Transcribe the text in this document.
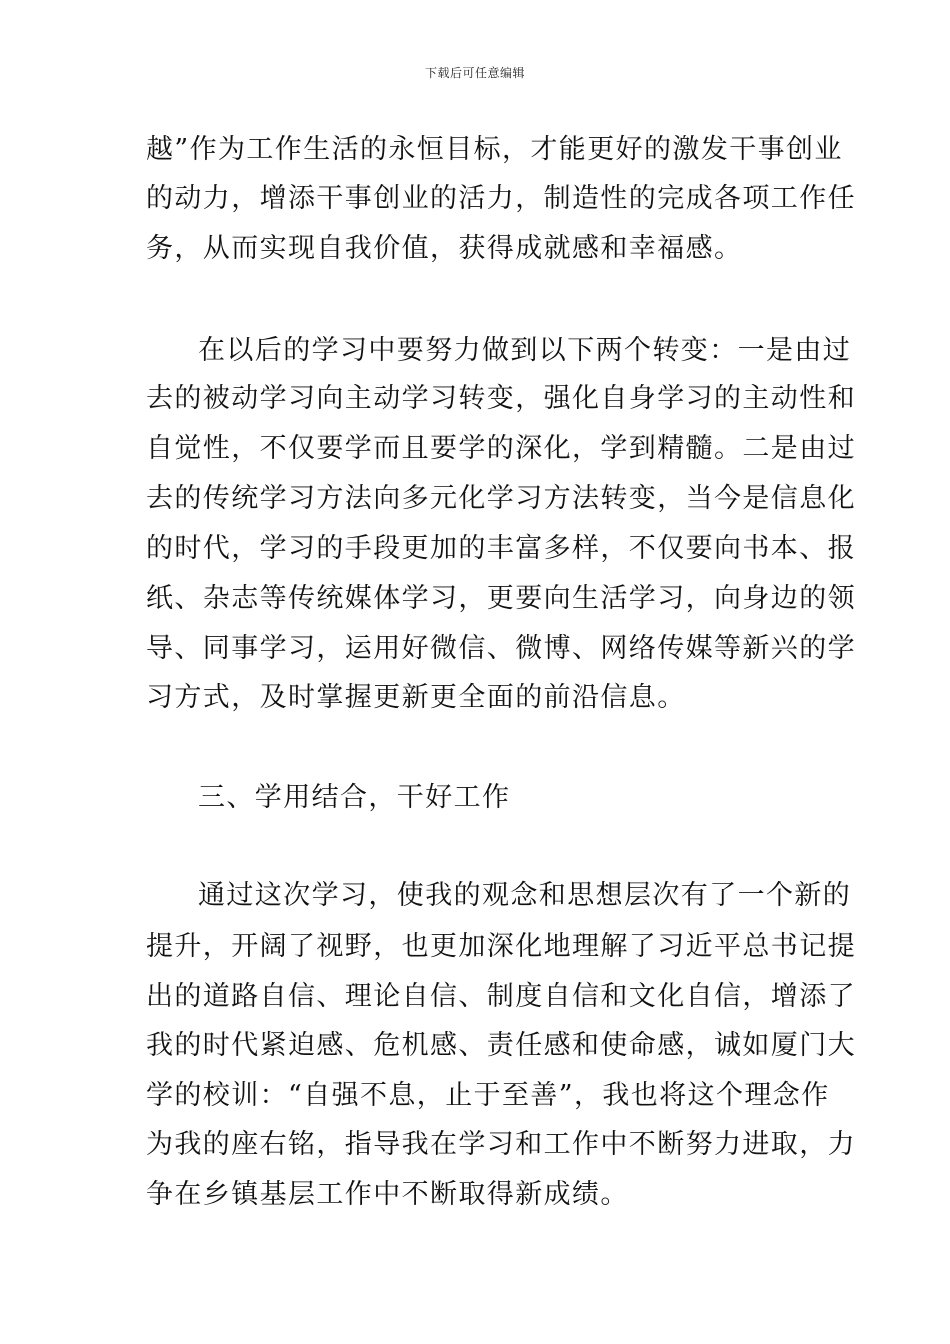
下载后可任意编辑
越”作为工作生活的永恒目标，才能更好的激发干事创业
的动力，增添干事创业的活力，制造性的完成各项工作任
务，从而实现自我价值，获得成就感和幸福感。
在以后的学习中要努力做到以下两个转变：一是由过
去的被动学习向主动学习转变，强化自身学习的主动性和
自觉性，不仅要学而且要学的深化，学到精髓。二是由过
去的传统学习方法向多元化学习方法转变，当今是信息化
的时代，学习的手段更加的丰富多样，不仅要向书本、报
纸、杂志等传统媒体学习，更要向生活学习，向身边的领
导、同事学习，运用好微信、微博、网络传媒等新兴的学
习方式，及时掌握更新更全面的前沿信息。
三、学用结合，干好工作
通过这次学习，使我的观念和思想层次有了一个新的
提升，开阔了视野，也更加深化地理解了习近平总书记提
出的道路自信、理论自信、制度自信和文化自信，增添了
我的时代紧迫感、危机感、责任感和使命感，诚如厦门大
学的校训：“自强不息，止于至善”，我也将这个理念作
为我的座右铭，指导我在学习和工作中不断努力进取，力
争在乡镇基层工作中不断取得新成绩。
